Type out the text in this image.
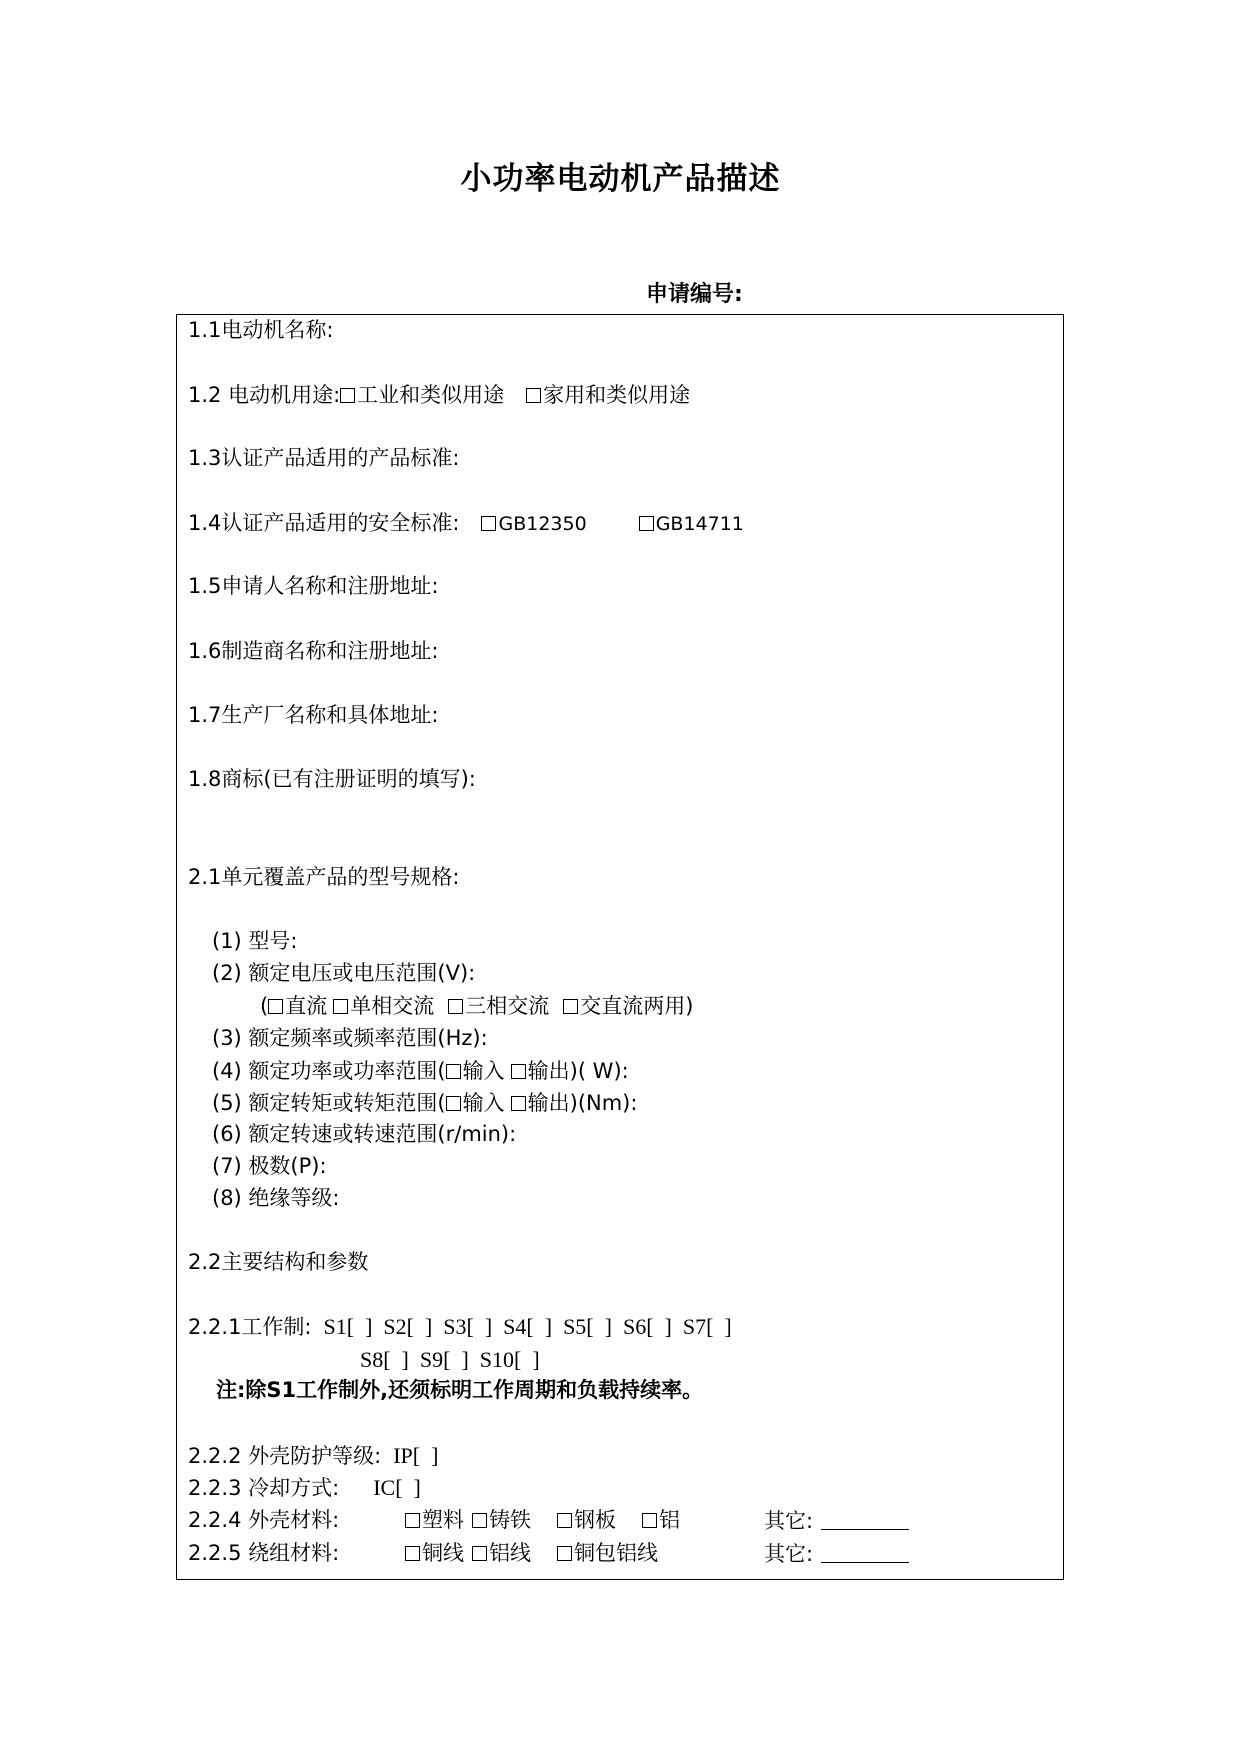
小功率电动机产品描述
申请编号:
1.1电动机名称:
1.2 电动机用途: 工业和类似用途 家用和类似用途
1.3认证产品适用的产品标准:
1.4认证产品适用的安全标准: GB12350	GB14711
1.5申请人名称和注册地址:
1.6制造商名称和注册地址:
1.7生产厂名称和具体地址:
1.8商标(已有注册证明的填写):
2.1单元覆盖产品的型号规格:
(1) 型号:
(2) 额定电压或电压范围(V):
( 直流 单相交流 三相交流 交直流两用)
(3) 额定频率或频率范围(Hz):
(4) 额定功率或功率范围( 输入 输出)( W):
(5) 额定转矩或转矩范围( 输入 输出)(Nm):
(6) 额定转速或转速范围(r/min):
(7) 极数(P):
(8) 绝缘等级:
2.2主要结构和参数
2.2.1工作制: S1[  ]  S2[  ]  S3[  ]  S4[  ]  S5[  ]  S6[  ]  S7[  ]
S8[  ]  S9[  ]  S10[  ]
注:除S1工作制外,还须标明工作周期和负载持续率。
2.2.2 外壳防护等级: IP[  ]
2.2.3 冷却方式: IC[  ]
2.2.4 外壳材料:	塑料 铸铁 钢板 铝	其它:
2.2.5 绕组材料:	铜线 铝线 铜包铝线	其它:
